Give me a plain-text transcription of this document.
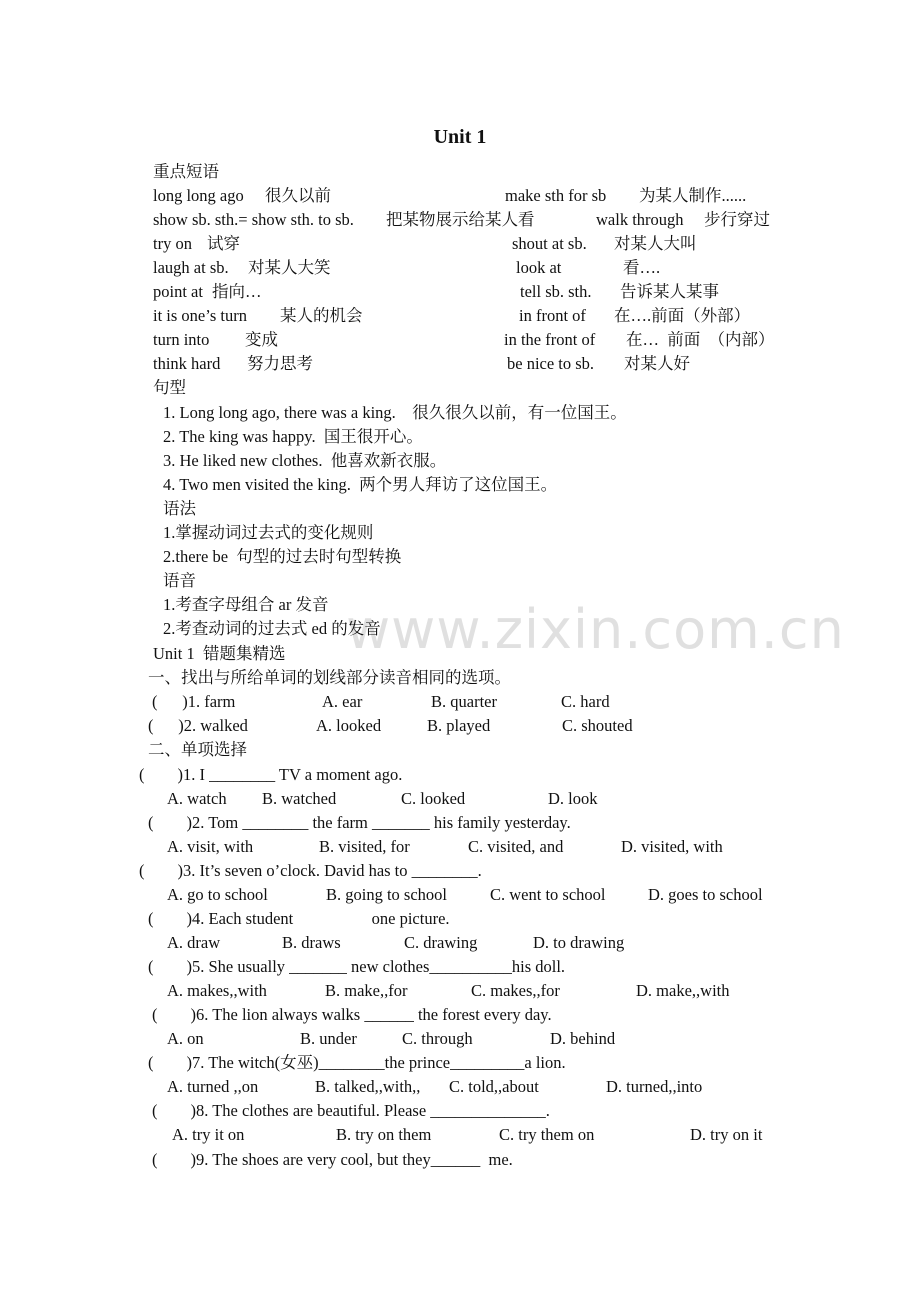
www.zixin.com.cn
Unit 1
重点短语
long long ago 很久以前	make sth for sb 为某人制作......
show sb. sth.= show sth. to sb. 把某物展示给某人看	walk through 步行穿过
try on 试穿	shout at sb. 对某人大叫
laugh at sb. 对某人大笑	look at	看….
point at 指向…	tell sb. sth. 告诉某人某事
it is one’s turn 某人的机会	in front of 在….前面（外部）
turn into 变成	in the front of 在…  前面  （内部）
think hard 努力思考	be nice to sb. 对某人好
句型
1. Long long ago, there was a king.    很久很久以前，有一位国王。
2. The king was happy.  国王很开心。
3. He liked new clothes.  他喜欢新衣服。
4. Two men visited the king.  两个男人拜访了这位国王。
语法
1.掌握动词过去式的变化规则
2.there be  句型的过去时句型转换
语音
1.考查字母组合 ar 发音
2.考查动词的过去式 ed 的发音
Unit 1  错题集精选
一、找出与所给单词的划线部分读音相同的选项。
(      )1. farm	A. ear	B. quarter	C. hard
(      )2. walked	A. looked	B. played	C. shouted
二、单项选择
(        )1. I ________ TV a moment ago.
A. watch B. watched	C. looked	D. look
(        )2. Tom ________ the farm _______ his family yesterday.
A. visit, with	B. visited, for	C. visited, and	D. visited, with
(        )3. It’s seven o’clock. David has to ________.
A. go to school	B. going to school	C. went to school	D. goes to school
(        )4. Each student                   one picture.
A. draw	B. draws	C. drawing	D. to drawing
(        )5. She usually _______ new clothes__________his doll.
A. makes,,with	B. make,,for	C. makes,,for	D. make,,with
(        )6. The lion always walks ______ the forest every day.
A. on	B. under	C. through	D. behind
(        )7. The witch(女巫)________the prince_________a lion.
A. turned ,,on	B. talked,,with,, C. told,,about	D. turned,,into
(        )8. The clothes are beautiful. Please ______________.
A. try it on	B. try on them	C. try them on	D. try on it
(        )9. The shoes are very cool, but they______  me.
